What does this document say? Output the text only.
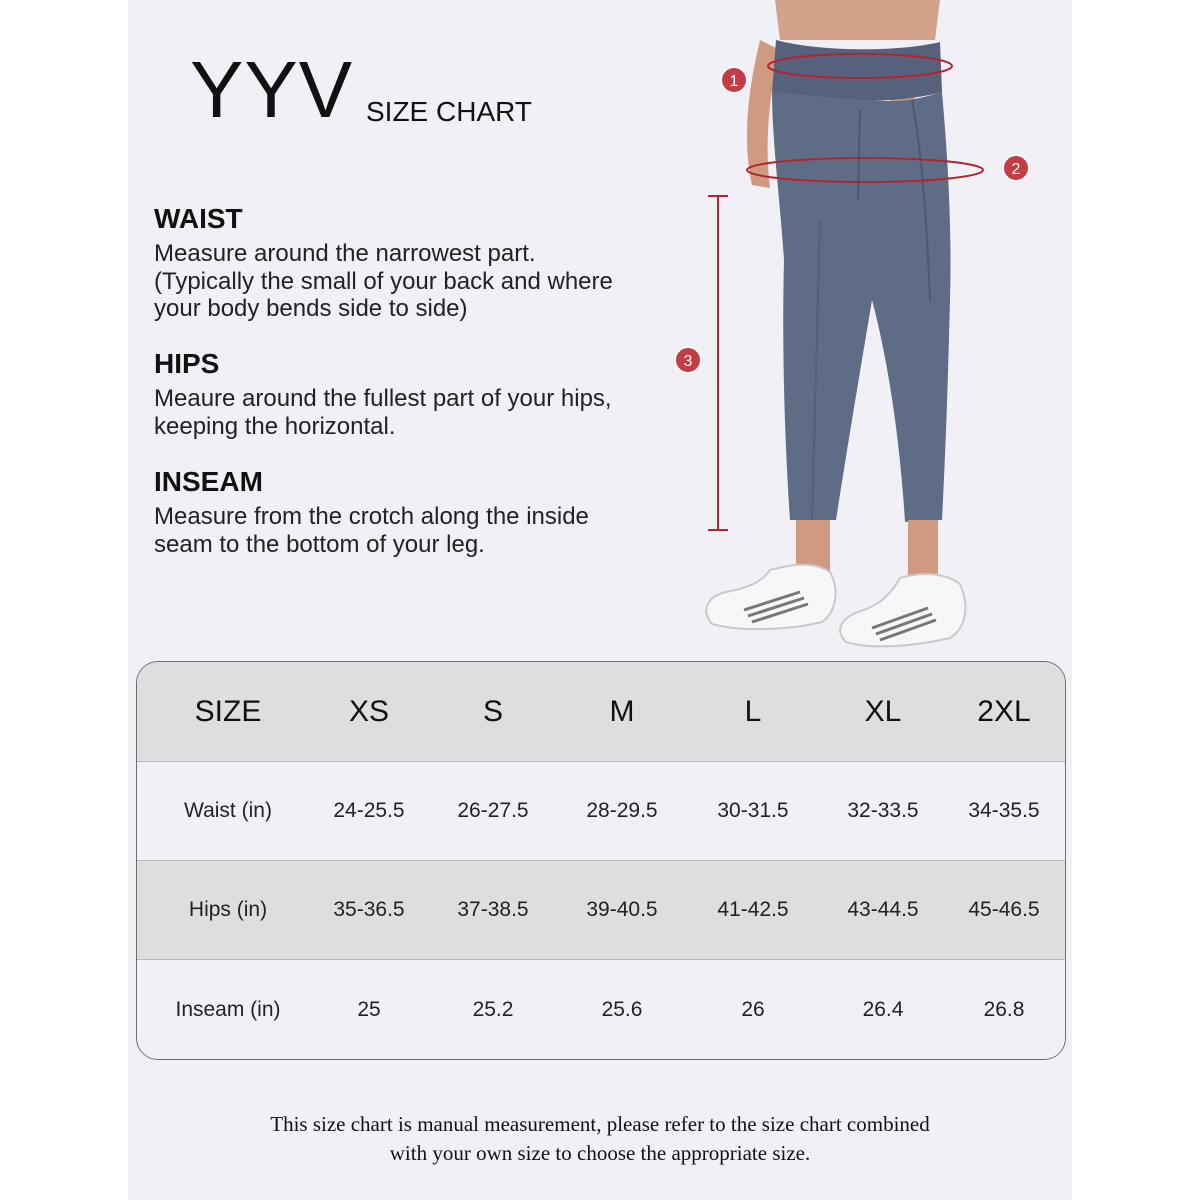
YYV SIZE CHART
WAIST
Measure around the narrowest part.
(Typically the small of your back and where
your body bends side to side)
HIPS
Meaure around the fullest part of your hips,
keeping the horizontal.
INSEAM
Measure from the crotch along the inside
seam to the bottom of your leg.
1
2
3
SIZE	XS	S	M	L	XL	2XL
Waist (in)	24-25.5	26-27.5	28-29.5	30-31.5	32-33.5	34-35.5
Hips (in)	35-36.5	37-38.5	39-40.5	41-42.5	43-44.5	45-46.5
Inseam (in)	25	25.2	25.6	26	26.4	26.8
This size chart is manual measurement, please refer to the size chart combined
with your own size to choose the appropriate size.
